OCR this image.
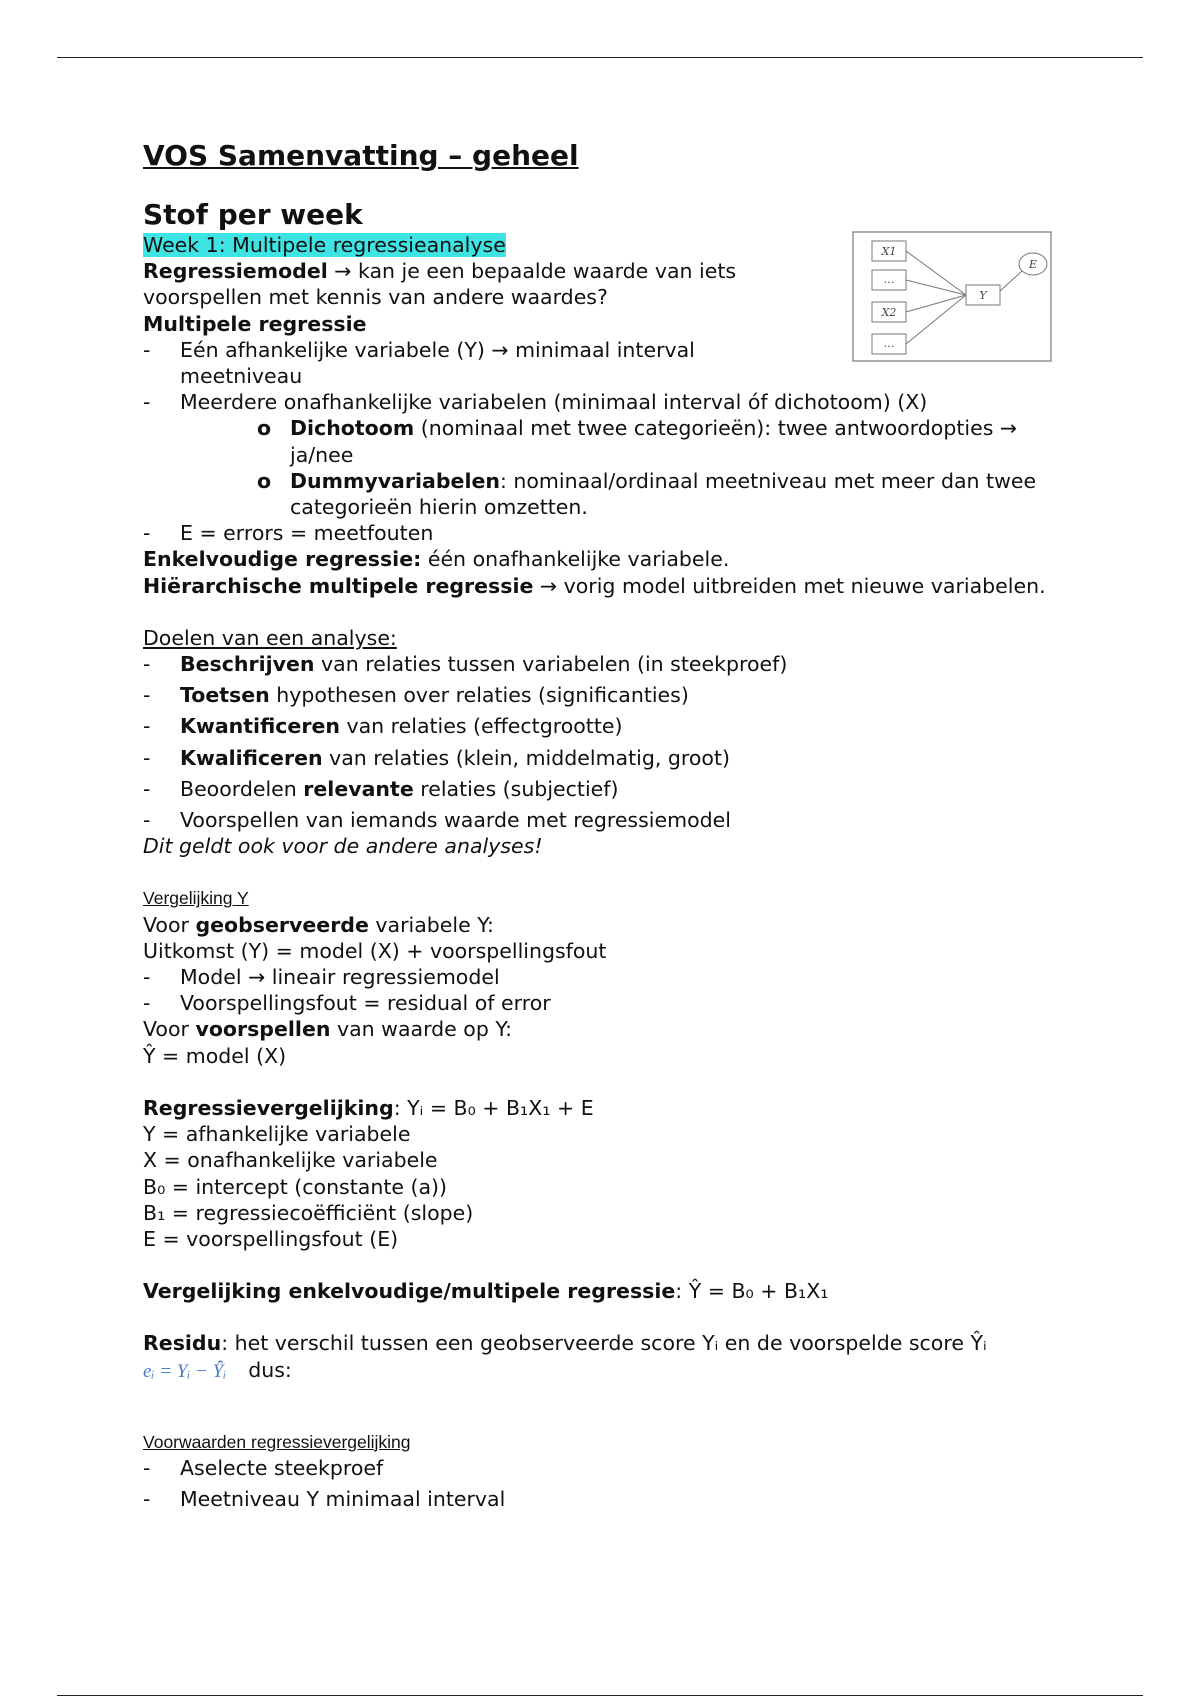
X1
…
X2
…
Y
E
VOS Samenvatting – geheel
Stof per week
Week 1: Multipele regressieanalyse
Regressiemodel → kan je een bepaalde waarde van iets voorspellen met kennis van andere waardes?
Multipele regressie
- Eén afhankelijke variabele (Y) → minimaal interval meetniveau
- Meerdere onafhankelijke variabelen (minimaal interval óf dichotoom) (X)
o Dichotoom (nominaal met twee categorieën): twee antwoordopties → ja/nee
o Dummyvariabelen: nominaal/ordinaal meetniveau met meer dan twee categorieën hierin omzetten.
- E = errors = meetfouten
Enkelvoudige regressie: één onafhankelijke variabele.
Hiërarchische multipele regressie → vorig model uitbreiden met nieuwe variabelen.
Doelen van een analyse:
- Beschrijven van relaties tussen variabelen (in steekproef)
- Toetsen hypothesen over relaties (significanties)
- Kwantificeren van relaties (effectgrootte)
- Kwalificeren van relaties (klein, middelmatig, groot)
- Beoordelen relevante relaties (subjectief)
- Voorspellen van iemands waarde met regressiemodel
Dit geldt ook voor de andere analyses!
Vergelijking Y
Voor geobserveerde variabele Y:
Uitkomst (Y) = model (X) + voorspellingsfout
- Model → lineair regressiemodel
- Voorspellingsfout = residual of error
Voor voorspellen van waarde op Y:
Ŷ = model (X)
Regressievergelijking: Yᵢ = B₀ + B₁X₁ + E
Y = afhankelijke variabele
X = onafhankelijke variabele
B₀ = intercept (constante (a))
B₁ = regressiecoëfficiënt (slope)
E = voorspellingsfout (E)
Vergelijking enkelvoudige/multipele regressie: Ŷ = B₀ + B₁X₁
Residu: het verschil tussen een geobserveerde score Yᵢ en de voorspelde score Ŷᵢ
eᵢ = Yᵢ − Ŷᵢ dus:
Voorwaarden regressievergelijking
- Aselecte steekproef
- Meetniveau Y minimaal interval
